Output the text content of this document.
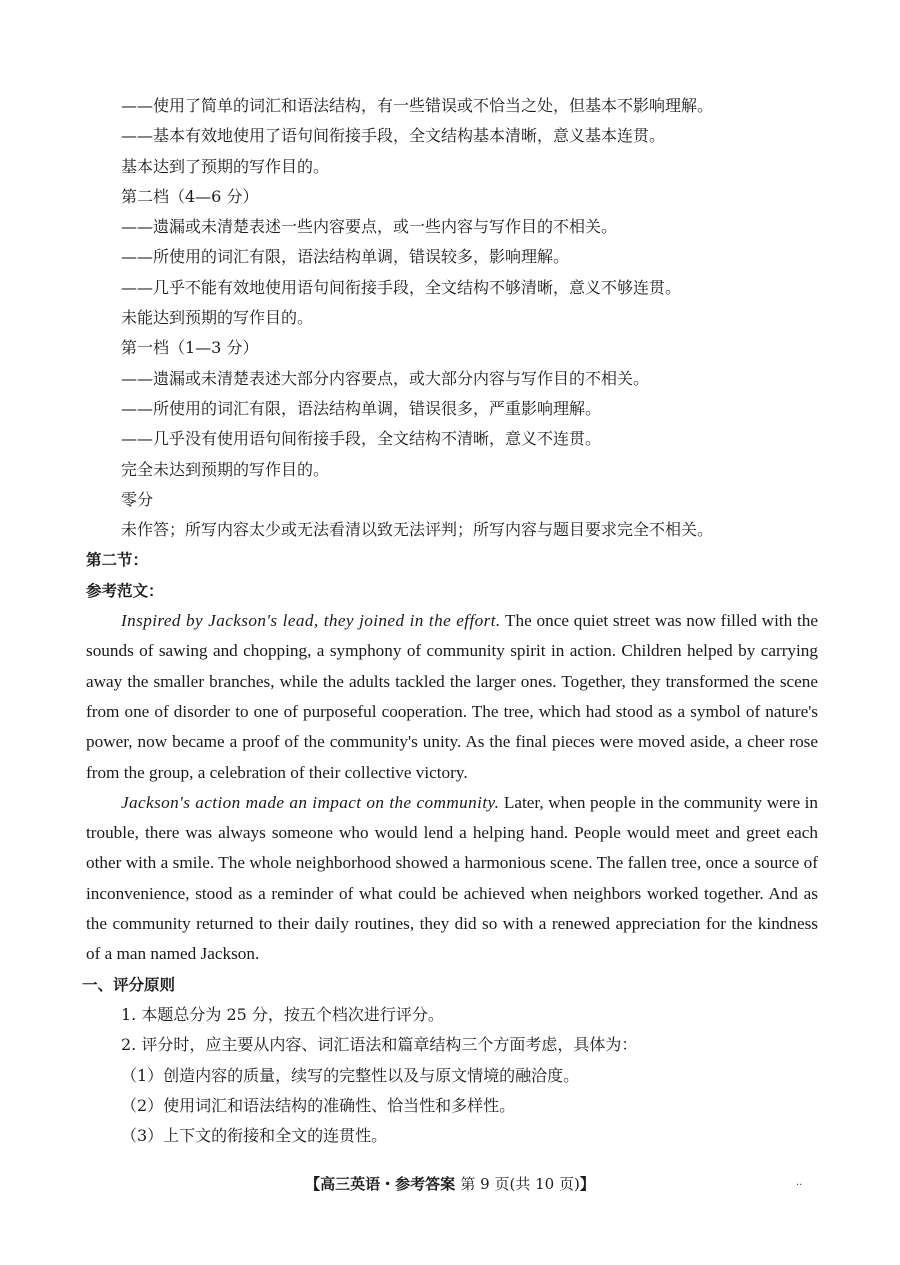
——使用了简单的词汇和语法结构，有一些错误或不恰当之处，但基本不影响理解。
——基本有效地使用了语句间衔接手段，全文结构基本清晰，意义基本连贯。
基本达到了预期的写作目的。
第二档（4—6 分）
——遗漏或未清楚表述一些内容要点，或一些内容与写作目的不相关。
——所使用的词汇有限，语法结构单调，错误较多，影响理解。
——几乎不能有效地使用语句间衔接手段，全文结构不够清晰，意义不够连贯。
未能达到预期的写作目的。
第一档（1—3 分）
——遗漏或未清楚表述大部分内容要点，或大部分内容与写作目的不相关。
——所使用的词汇有限，语法结构单调，错误很多，严重影响理解。
——几乎没有使用语句间衔接手段，全文结构不清晰，意义不连贯。
完全未达到预期的写作目的。
零分
未作答；所写内容太少或无法看清以致无法评判；所写内容与题目要求完全不相关。
第二节：
参考范文：

Inspired by Jackson's lead, they joined in the effort. The once quiet street was now filled with the sounds of sawing and chopping, a symphony of community spirit in action. Children helped by carrying away the smaller branches, while the adults tackled the larger ones. Together, they transformed the scene from one of disorder to one of purposeful cooperation. The tree, which had stood as a symbol of nature's power, now became a proof of the community's unity. As the final pieces were moved aside, a cheer rose from the group, a celebration of their collective victory.

Jackson's action made an impact on the community. Later, when people in the community were in trouble, there was always someone who would lend a helping hand. People would meet and greet each other with a smile. The whole neighborhood showed a harmonious scene. The fallen tree, once a source of inconvenience, stood as a reminder of what could be achieved when neighbors worked together. And as the community returned to their daily routines, they did so with a renewed appreciation for the kindness of a man named Jackson.

一、评分原则
1. 本题总分为 25 分，按五个档次进行评分。
2. 评分时，应主要从内容、词汇语法和篇章结构三个方面考虑，具体为：
（1）创造内容的质量，续写的完整性以及与原文情境的融洽度。
（2）使用词汇和语法结构的准确性、恰当性和多样性。
（3）上下文的衔接和全文的连贯性。
【高三英语・参考答案 第 9 页(共 10 页)】	··
